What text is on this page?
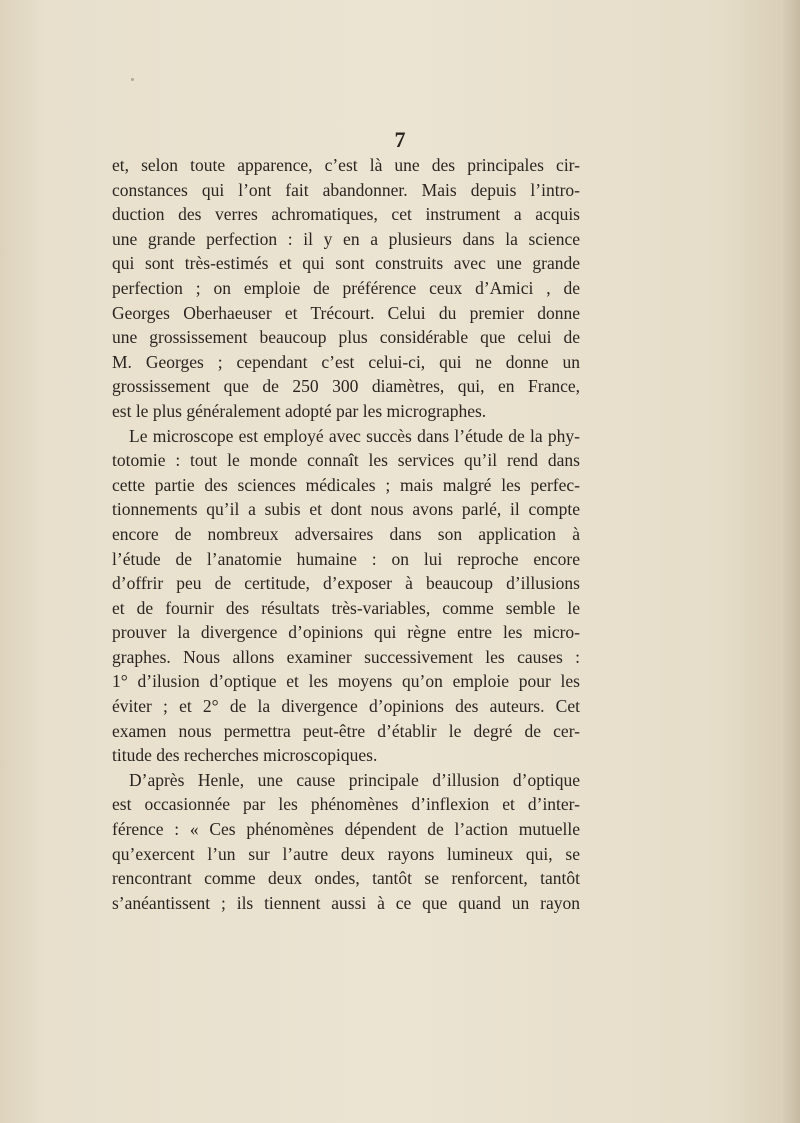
7
et, selon toute apparence, c’est là une des principales cir-
constances qui l’ont fait abandonner. Mais depuis l’intro-
duction des verres achromatiques, cet instrument a acquis
une grande perfection : il y en a plusieurs dans la science
qui sont très-estimés et qui sont construits avec une grande
perfection ; on emploie de préférence ceux d’Amici , de
Georges Oberhaeuser et Trécourt. Celui du premier donne
une grossissement beaucoup plus considérable que celui de
M. Georges ; cependant c’est celui-ci, qui ne donne un
grossissement que de 250 300 diamètres, qui, en France,
est le plus généralement adopté par les micrographes.
Le microscope est employé avec succès dans l’étude de la phy-
totomie : tout le monde connaît les services qu’il rend dans
cette partie des sciences médicales ; mais malgré les perfec-
tionnements qu’il a subis et dont nous avons parlé, il compte
encore de nombreux adversaires dans son application à
l’étude de l’anatomie humaine : on lui reproche encore
d’offrir peu de certitude, d’exposer à beaucoup d’illusions
et de fournir des résultats très-variables, comme semble le
prouver la divergence d’opinions qui règne entre les micro-
graphes. Nous allons examiner successivement les causes :
1° d’ilusion d’optique et les moyens qu’on emploie pour les
éviter ; et 2° de la divergence d’opinions des auteurs. Cet
examen nous permettra peut-être d’établir le degré de cer-
titude des recherches microscopiques.
D’après Henle, une cause principale d’illusion d’optique
est occasionnée par les phénomènes d’inflexion et d’inter-
férence : « Ces phénomènes dépendent de l’action mutuelle
qu’exercent l’un sur l’autre deux rayons lumineux qui, se
rencontrant comme deux ondes, tantôt se renforcent, tantôt
s’anéantissent ; ils tiennent aussi à ce que quand un rayon
